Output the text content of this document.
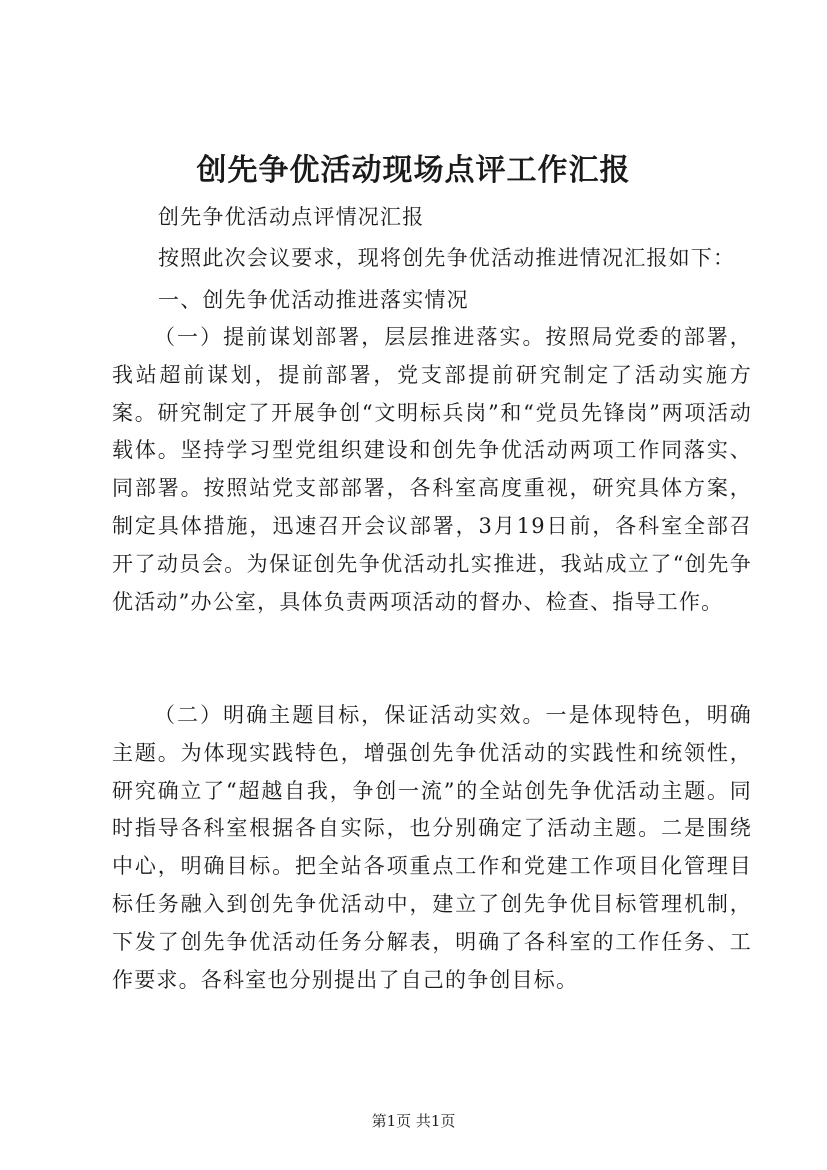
创先争优活动现场点评工作汇报
创先争优活动点评情况汇报
按照此次会议要求，现将创先争优活动推进情况汇报如下：
一、创先争优活动推进落实情况
（一）提前谋划部署，层层推进落实。按照局党委的部署，我站超前谋划，提前部署，党支部提前研究制定了活动实施方案。研究制定了开展争创“文明标兵岗”和“党员先锋岗”两项活动载体。坚持学习型党组织建设和创先争优活动两项工作同落实、同部署。按照站党支部部署，各科室高度重视，研究具体方案，制定具体措施，迅速召开会议部署，3月19日前，各科室全部召开了动员会。为保证创先争优活动扎实推进，我站成立了“创先争优活动”办公室，具体负责两项活动的督办、检查、指导工作。
（二）明确主题目标，保证活动实效。一是体现特色，明确主题。为体现实践特色，增强创先争优活动的实践性和统领性，研究确立了“超越自我，争创一流”的全站创先争优活动主题。同时指导各科室根据各自实际，也分别确定了活动主题。二是围绕中心，明确目标。把全站各项重点工作和党建工作项目化管理目标任务融入到创先争优活动中，建立了创先争优目标管理机制，下发了创先争优活动任务分解表，明确了各科室的工作任务、工作要求。各科室也分别提出了自己的争创目标。
第1页 共1页
